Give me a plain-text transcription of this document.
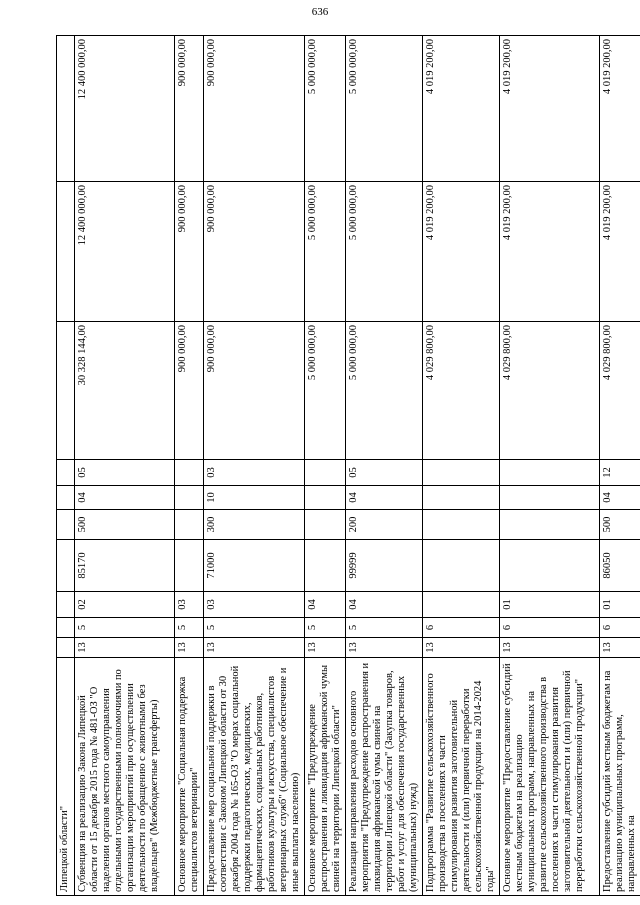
636
Липецкой области"										
Субвенция на реализацию Закона Липецкой области от 15 декабря 2015 года № 481-ОЗ "О наделении органов местного самоуправления отдельными государственными полномочиями по организации мероприятий при осуществлении деятельности по обращению с животными без владельцев" (Межбюджетные трансферты)	13	5	02	85170	500	04	05	30 328 144,00	12 400 000,00	12 400 000,00
Основное мероприятие "Социальная поддержка специалистов ветеринарии"	13	5	03					900 000,00	900 000,00	900 000,00
Предоставление мер социальной поддержки в соответствии с Законом Липецкой области от 30 декабря 2004 года № 165-ОЗ "О мерах социальной поддержки педагогических, медицинских, фармацевтических, социальных работников, работников культуры и искусства, специалистов ветеринарных служб" (Социальное обеспечение и иные выплаты населению)	13	5	03	71000	300	10	03	900 000,00	900 000,00	900 000,00
Основное мероприятие "Предупреждение распространения и ликвидация африканской чумы свиней на территории Липецкой области"	13	5	04					5 000 000,00	5 000 000,00	5 000 000,00
Реализация направления расходов основного мероприятия "Предупреждение распространения и ликвидация африканской чумы свиней на территории Липецкой области" (Закупка товаров, работ и услуг для обеспечения государственных (муниципальных) нужд)	13	5	04	99999	200	04	05	5 000 000,00	5 000 000,00	5 000 000,00
Подпрограмма "Развитие сельскохозяйственного производства в поселениях в части стимулирования развития заготовительной деятельности и (или) первичной переработки сельскохозяйственной продукции на 2014-2024 годы"	13	6						4 029 800,00	4 019 200,00	4 019 200,00
Основное мероприятие "Предоставление субсидий местным бюджетам на реализацию муниципальных программ, направленных на развитие сельскохозяйственного производства в поселениях в части стимулирования развития заготовительной деятельности и (или) первичной переработки сельскохозяйственной продукции"	13	6	01					4 029 800,00	4 019 200,00	4 019 200,00
Предоставление субсидий местным бюджетам на реализацию муниципальных программ, направленных на	13	6	01	86050	500	04	12	4 029 800,00	4 019 200,00	4 019 200,00
